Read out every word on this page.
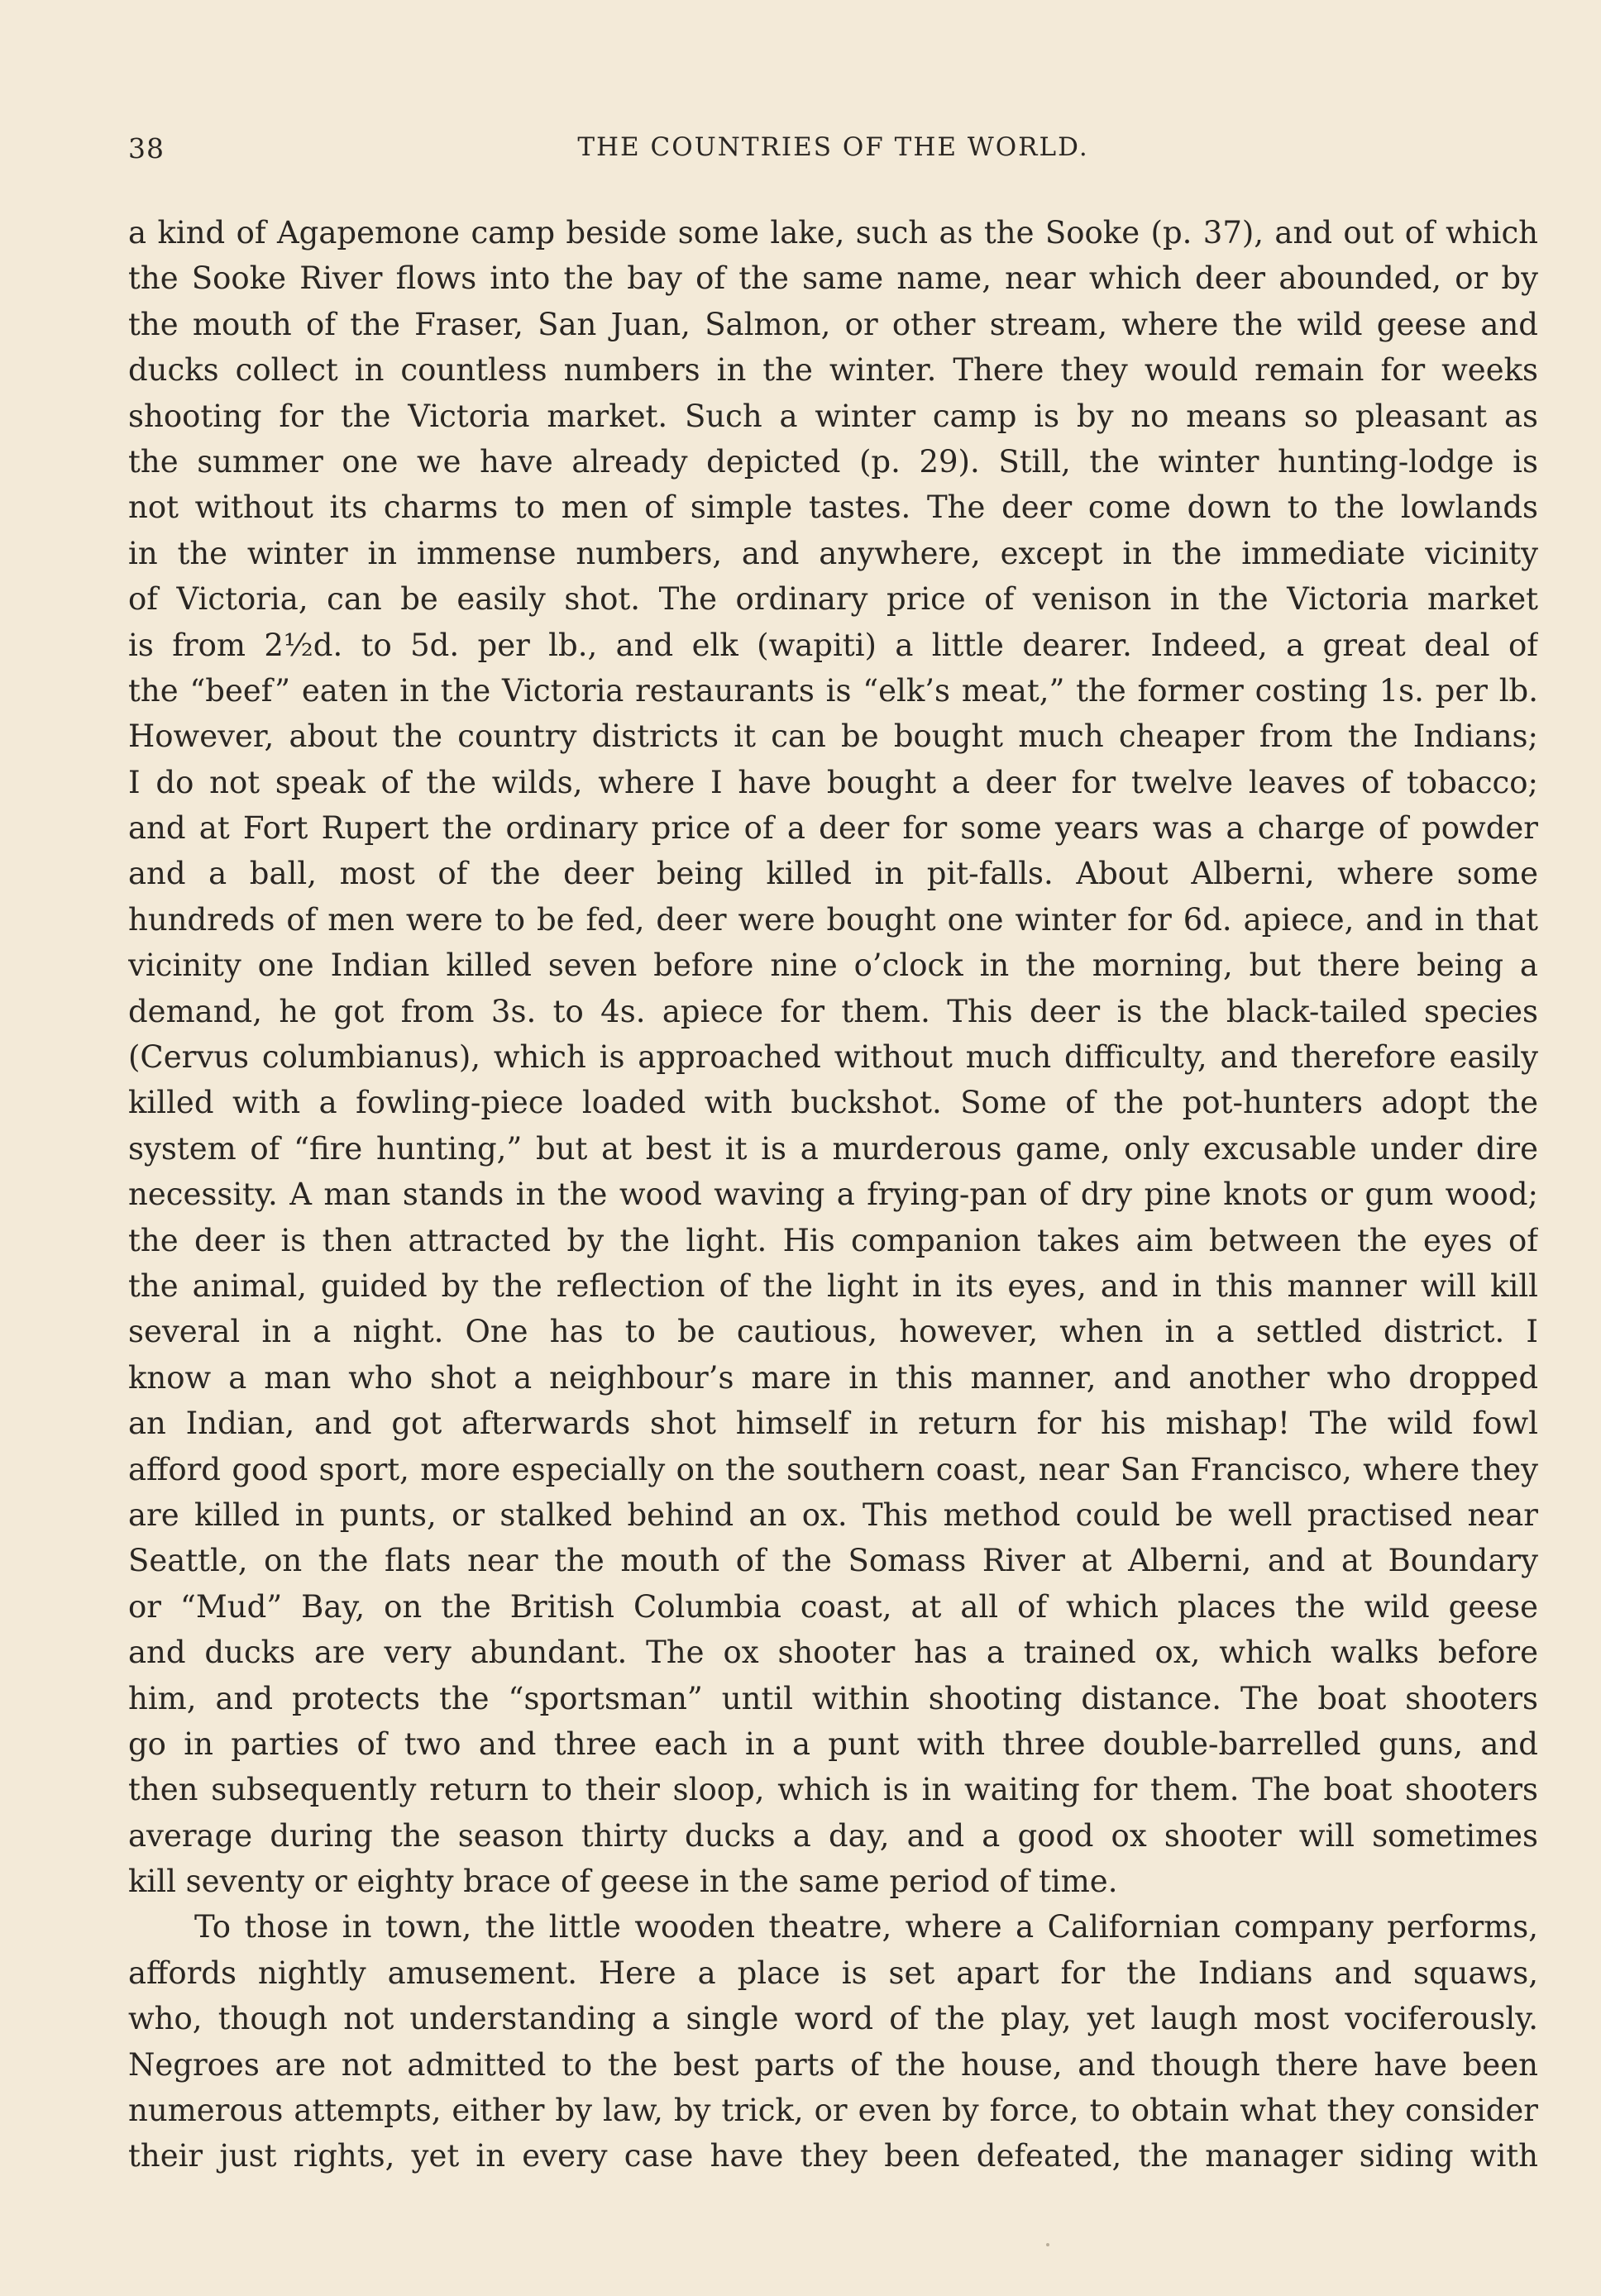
38	THE COUNTRIES OF THE WORLD.
a kind of Agapemone camp beside some lake, such as the Sooke (p. 37), and out of which
the Sooke River flows into the bay of the same name, near which deer abounded, or by
the mouth of the Fraser, San Juan, Salmon, or other stream, where the wild geese and
ducks collect in countless numbers in the winter. There they would remain for weeks
shooting for the Victoria market. Such a winter camp is by no means so pleasant as
the summer one we have already depicted (p. 29). Still, the winter hunting-lodge is
not without its charms to men of simple tastes. The deer come down to the lowlands
in the winter in immense numbers, and anywhere, except in the immediate vicinity
of Victoria, can be easily shot. The ordinary price of venison in the Victoria market
is from 2½d. to 5d. per lb., and elk (wapiti) a little dearer. Indeed, a great deal of
the “beef” eaten in the Victoria restaurants is “elk’s meat,” the former costing 1s. per lb.
However, about the country districts it can be bought much cheaper from the Indians;
I do not speak of the wilds, where I have bought a deer for twelve leaves of tobacco;
and at Fort Rupert the ordinary price of a deer for some years was a charge of powder
and a ball, most of the deer being killed in pit-falls. About Alberni, where some
hundreds of men were to be fed, deer were bought one winter for 6d. apiece, and in that
vicinity one Indian killed seven before nine o’clock in the morning, but there being a
demand, he got from 3s. to 4s. apiece for them. This deer is the black-tailed species
(Cervus columbianus), which is approached without much difficulty, and therefore easily
killed with a fowling-piece loaded with buckshot. Some of the pot-hunters adopt the
system of “fire hunting,” but at best it is a murderous game, only excusable under dire
necessity. A man stands in the wood waving a frying-pan of dry pine knots or gum wood;
the deer is then attracted by the light. His companion takes aim between the eyes of
the animal, guided by the reflection of the light in its eyes, and in this manner will kill
several in a night. One has to be cautious, however, when in a settled district. I
know a man who shot a neighbour’s mare in this manner, and another who dropped
an Indian, and got afterwards shot himself in return for his mishap! The wild fowl
afford good sport, more especially on the southern coast, near San Francisco, where they
are killed in punts, or stalked behind an ox. This method could be well practised near
Seattle, on the flats near the mouth of the Somass River at Alberni, and at Boundary
or “Mud” Bay, on the British Columbia coast, at all of which places the wild geese
and ducks are very abundant. The ox shooter has a trained ox, which walks before
him, and protects the “sportsman” until within shooting distance. The boat shooters
go in parties of two and three each in a punt with three double-barrelled guns, and
then subsequently return to their sloop, which is in waiting for them. The boat shooters
average during the season thirty ducks a day, and a good ox shooter will sometimes
kill seventy or eighty brace of geese in the same period of time.
To those in town, the little wooden theatre, where a Californian company performs,
affords nightly amusement. Here a place is set apart for the Indians and squaws,
who, though not understanding a single word of the play, yet laugh most vociferously.
Negroes are not admitted to the best parts of the house, and though there have been
numerous attempts, either by law, by trick, or even by force, to obtain what they consider
their just rights, yet in every case have they been defeated, the manager siding with
